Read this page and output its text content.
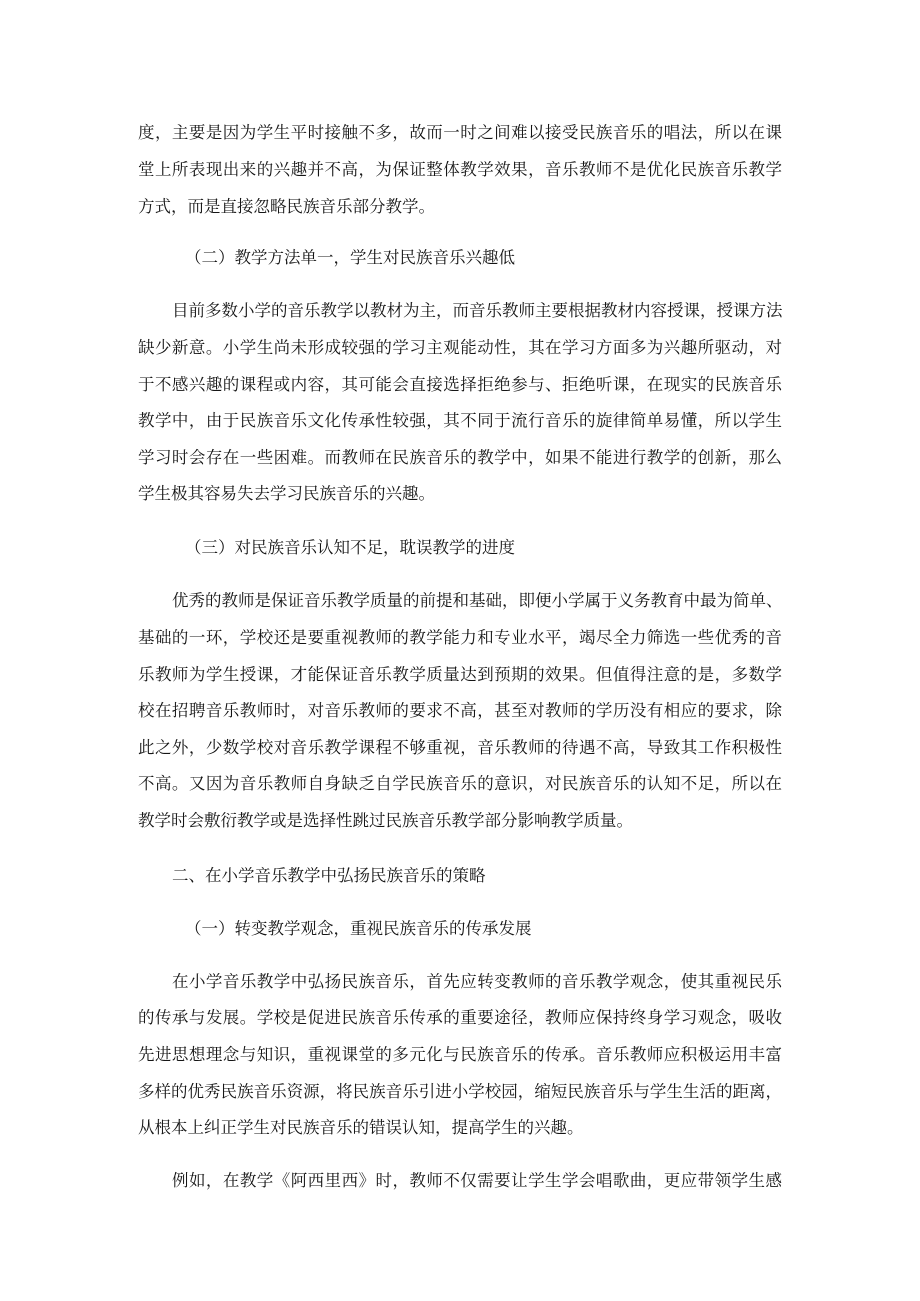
度，主要是因为学生平时接触不多，故而一时之间难以接受民族音乐的唱法，所以在课
堂上所表现出来的兴趣并不高，为保证整体教学效果，音乐教师不是优化民族音乐教学
方式，而是直接忽略民族音乐部分教学。
（二）教学方法单一，学生对民族音乐兴趣低
目前多数小学的音乐教学以教材为主，而音乐教师主要根据教材内容授课，授课方法
缺少新意。小学生尚未形成较强的学习主观能动性，其在学习方面多为兴趣所驱动，对
于不感兴趣的课程或内容，其可能会直接选择拒绝参与、拒绝听课，在现实的民族音乐
教学中，由于民族音乐文化传承性较强，其不同于流行音乐的旋律简单易懂，所以学生
学习时会存在一些困难。而教师在民族音乐的教学中，如果不能进行教学的创新，那么
学生极其容易失去学习民族音乐的兴趣。
（三）对民族音乐认知不足，耽误教学的进度
优秀的教师是保证音乐教学质量的前提和基础，即便小学属于义务教育中最为简单、
基础的一环，学校还是要重视教师的教学能力和专业水平，竭尽全力筛选一些优秀的音
乐教师为学生授课，才能保证音乐教学质量达到预期的效果。但值得注意的是，多数学
校在招聘音乐教师时，对音乐教师的要求不高，甚至对教师的学历没有相应的要求，除
此之外，少数学校对音乐教学课程不够重视，音乐教师的待遇不高，导致其工作积极性
不高。又因为音乐教师自身缺乏自学民族音乐的意识，对民族音乐的认知不足，所以在
教学时会敷衍教学或是选择性跳过民族音乐教学部分影响教学质量。
二、在小学音乐教学中弘扬民族音乐的策略
（一）转变教学观念，重视民族音乐的传承发展
在小学音乐教学中弘扬民族音乐，首先应转变教师的音乐教学观念，使其重视民乐
的传承与发展。学校是促进民族音乐传承的重要途径，教师应保持终身学习观念，吸收
先进思想理念与知识，重视课堂的多元化与民族音乐的传承。音乐教师应积极运用丰富
多样的优秀民族音乐资源，将民族音乐引进小学校园，缩短民族音乐与学生生活的距离，
从根本上纠正学生对民族音乐的错误认知，提高学生的兴趣。
例如，在教学《阿西里西》时，教师不仅需要让学生学会唱歌曲，更应带领学生感
